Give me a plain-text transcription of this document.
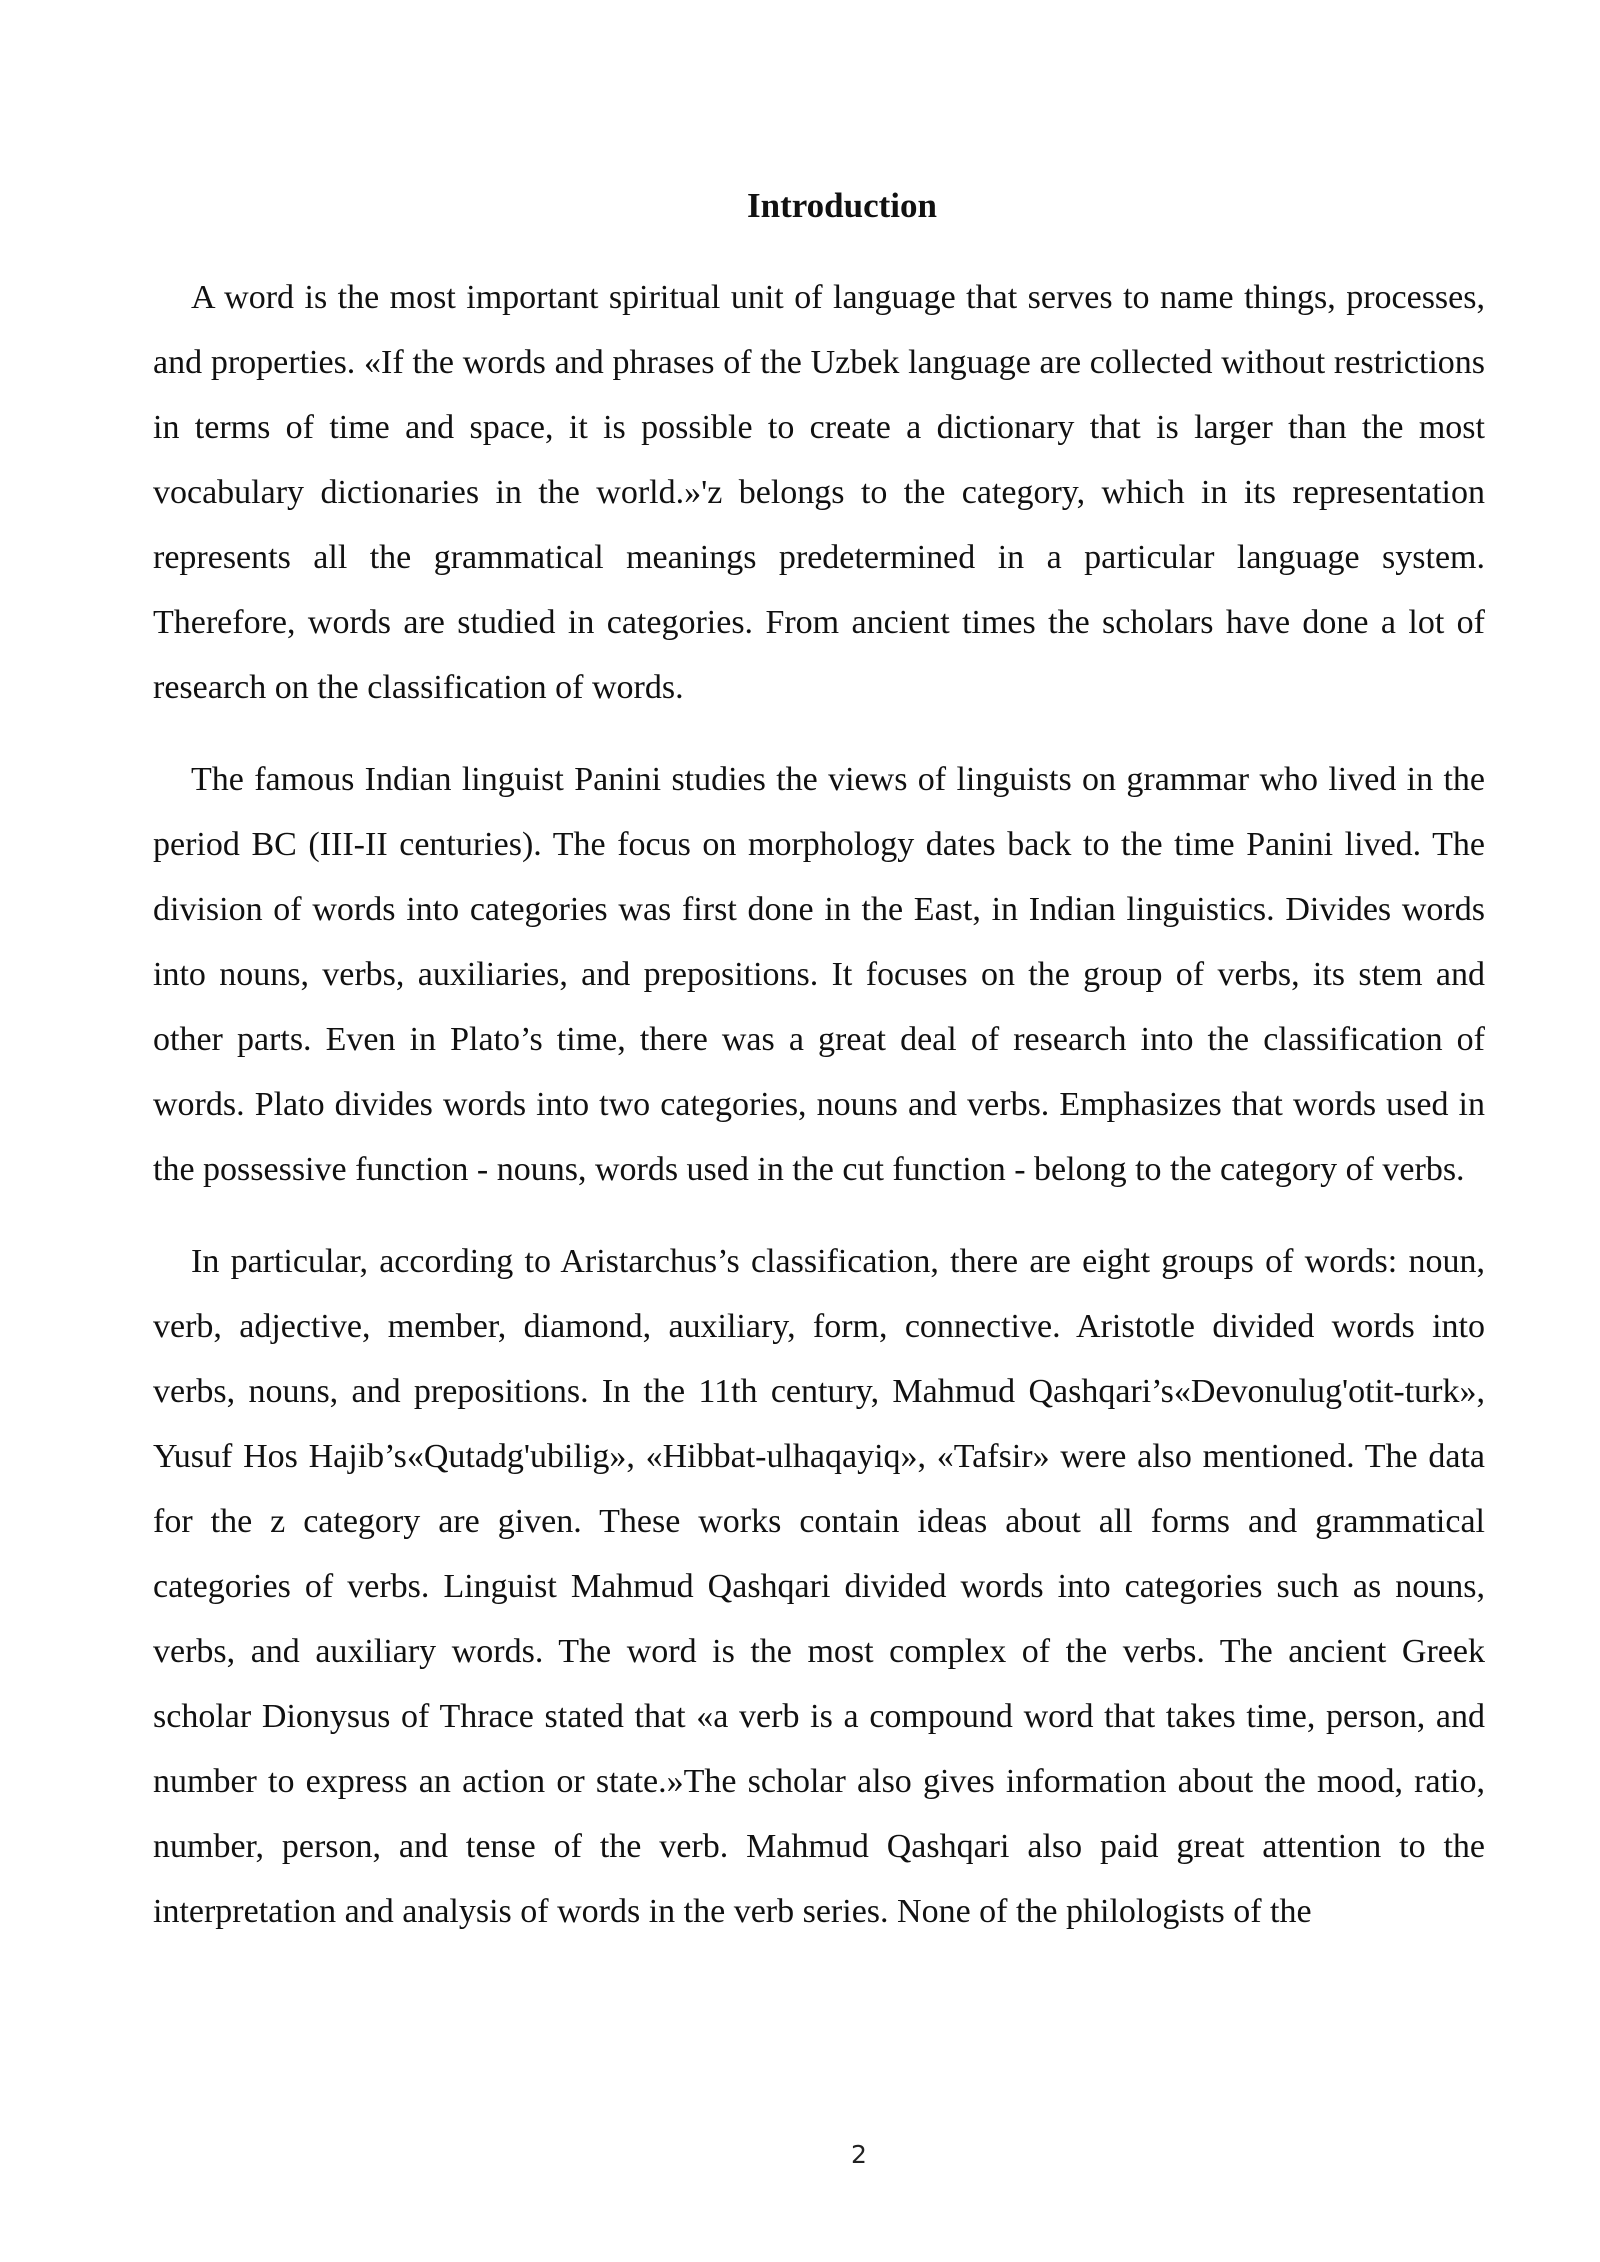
Introduction

A word is the most important spiritual unit of language that serves to name things, processes, and properties. «If the words and phrases of the Uzbek language are collected without restrictions in terms of time and space, it is possible to create a dictionary that is larger than the most vocabulary dictionaries in the world.»'z belongs to the category, which in its representation represents all the grammatical meanings predetermined in a particular language system. Therefore, words are studied in categories. From ancient times the scholars have done a lot of research on the classification of words.

The famous Indian linguist Panini studies the views of linguists on grammar who lived in the period BC (III-II centuries). The focus on morphology dates back to the time Panini lived. The division of words into categories was first done in the East, in Indian linguistics. Divides words into nouns, verbs, auxiliaries, and prepositions. It focuses on the group of verbs, its stem and other parts. Even in Plato’s time, there was a great deal of research into the classification of words. Plato divides words into two categories, nouns and verbs. Emphasizes that words used in the possessive function - nouns, words used in the cut function - belong to the category of verbs.

In particular, according to Aristarchus’s classification, there are eight groups of words: noun, verb, adjective, member, diamond, auxiliary, form, connective. Aristotle divided words into verbs, nouns, and prepositions. In the 11th century, Mahmud Qashqari’s«Devonulug'otit-turk», Yusuf Hos Hajib’s«Qutadg'ubilig», «Hibbat-ulhaqayiq», «Tafsir» were also mentioned. The data for the z category are given. These works contain ideas about all forms and grammatical categories of verbs. Linguist Mahmud Qashqari divided words into categories such as nouns, verbs, and auxiliary words. The word is the most complex of the verbs. The ancient Greek scholar Dionysus of Thrace stated that «a verb is a compound word that takes time, person, and number to express an action or state.»The scholar also gives information about the mood, ratio, number, person, and tense of the verb. Mahmud Qashqari also paid great attention to the interpretation and analysis of words in the verb series. None of the philologists of the

2
